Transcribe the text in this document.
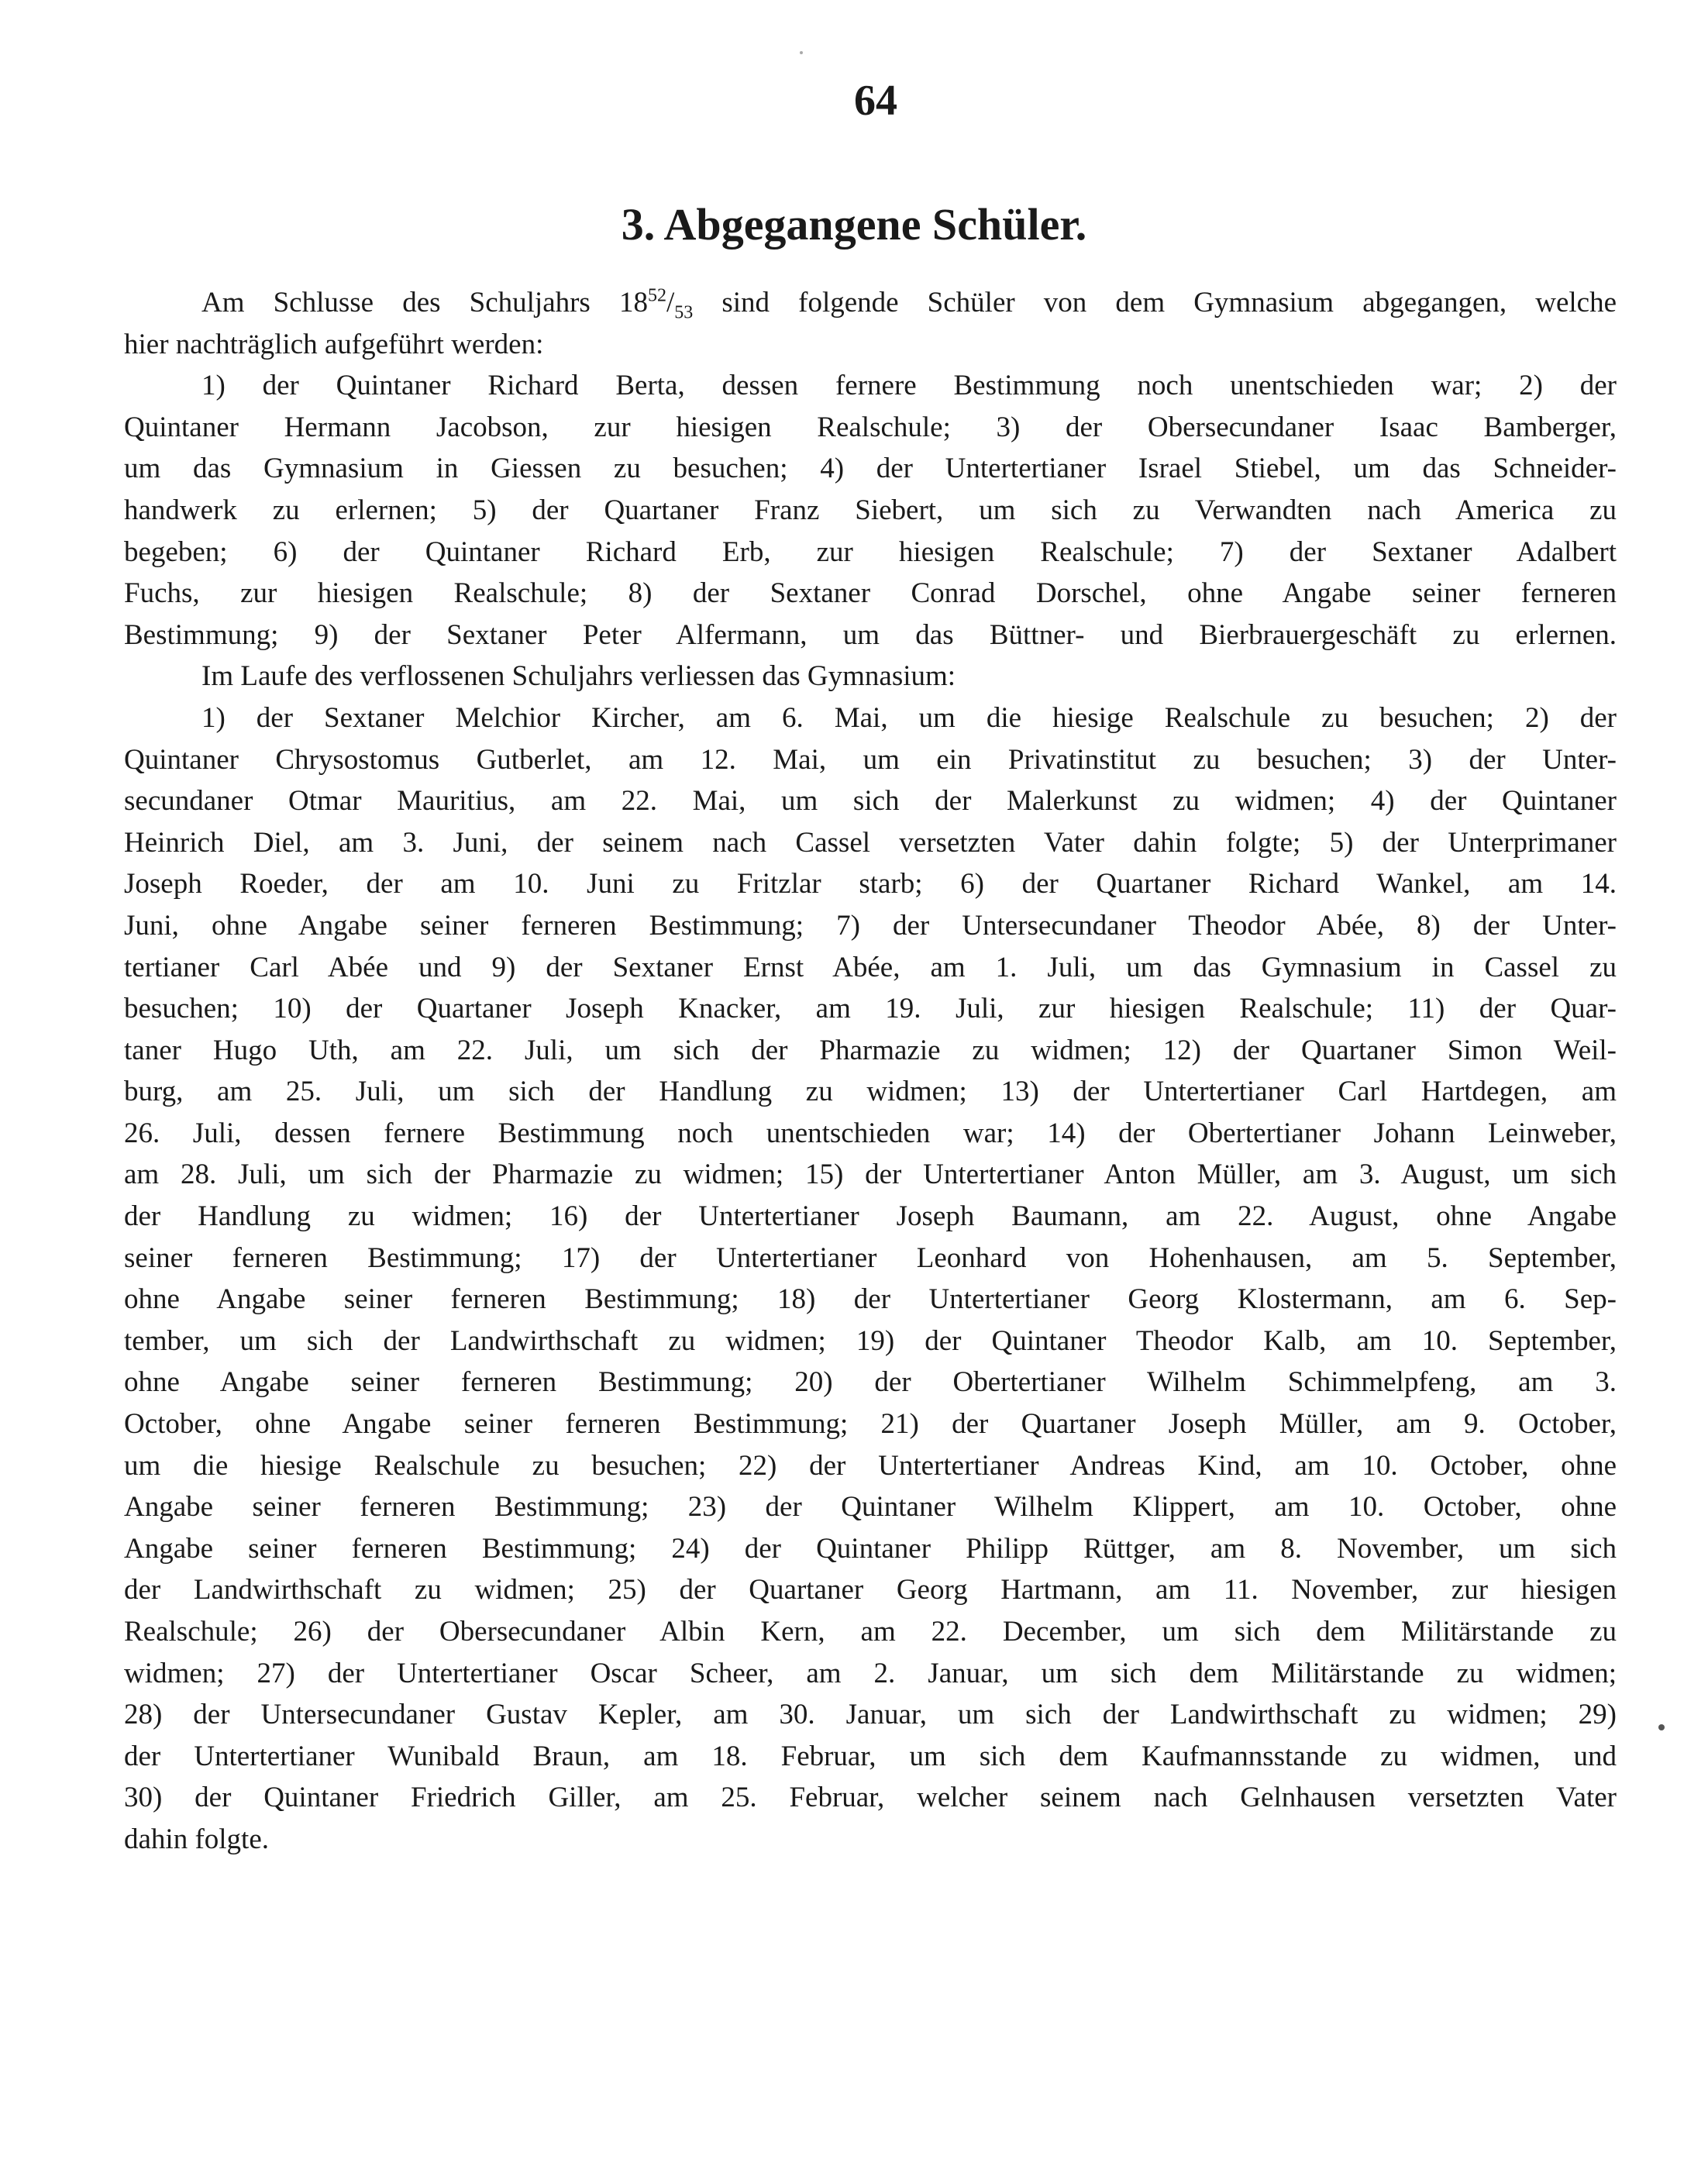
64
3. Abgegangene Schüler.
Am Schlusse des Schuljahrs $18^{52}/_{53}$ sind folgende Schüler von dem Gymnasium abgegangen, welche
hier nachträglich aufgeführt werden:
1) der Quintaner Richard Berta, dessen fernere Bestimmung noch unentschieden war; 2) der
Quintaner Hermann Jacobson, zur hiesigen Realschule; 3) der Obersecundaner Isaac Bamberger,
um das Gymnasium in Giessen zu besuchen; 4) der Untertertianer Israel Stiebel, um das Schneider-
handwerk zu erlernen; 5) der Quartaner Franz Siebert, um sich zu Verwandten nach America zu
begeben; 6) der Quintaner Richard Erb, zur hiesigen Realschule; 7) der Sextaner Adalbert
Fuchs, zur hiesigen Realschule; 8) der Sextaner Conrad Dorschel, ohne Angabe seiner ferneren
Bestimmung; 9) der Sextaner Peter Alfermann, um das Büttner- und Bierbrauergeschäft zu erlernen.
Im Laufe des verflossenen Schuljahrs verliessen das Gymnasium:
1) der Sextaner Melchior Kircher, am 6. Mai, um die hiesige Realschule zu besuchen; 2) der
Quintaner Chrysostomus Gutberlet, am 12. Mai, um ein Privatinstitut zu besuchen; 3) der Unter-
secundaner Otmar Mauritius, am 22. Mai, um sich der Malerkunst zu widmen; 4) der Quintaner
Heinrich Diel, am 3. Juni, der seinem nach Cassel versetzten Vater dahin folgte; 5) der Unterprimaner
Joseph Roeder, der am 10. Juni zu Fritzlar starb; 6) der Quartaner Richard Wankel, am 14.
Juni, ohne Angabe seiner ferneren Bestimmung; 7) der Untersecundaner Theodor Abée, 8) der Unter-
tertianer Carl Abée und 9) der Sextaner Ernst Abée, am 1. Juli, um das Gymnasium in Cassel zu
besuchen; 10) der Quartaner Joseph Knacker, am 19. Juli, zur hiesigen Realschule; 11) der Quar-
taner Hugo Uth, am 22. Juli, um sich der Pharmazie zu widmen; 12) der Quartaner Simon Weil-
burg, am 25. Juli, um sich der Handlung zu widmen; 13) der Untertertianer Carl Hartdegen, am
26. Juli, dessen fernere Bestimmung noch unentschieden war; 14) der Obertertianer Johann Leinweber,
am 28. Juli, um sich der Pharmazie zu widmen; 15) der Untertertianer Anton Müller, am 3. August, um sich
der Handlung zu widmen; 16) der Untertertianer Joseph Baumann, am 22. August, ohne Angabe
seiner ferneren Bestimmung; 17) der Untertertianer Leonhard von Hohenhausen, am 5. September,
ohne Angabe seiner ferneren Bestimmung; 18) der Untertertianer Georg Klostermann, am 6. Sep-
tember, um sich der Landwirthschaft zu widmen; 19) der Quintaner Theodor Kalb, am 10. September,
ohne Angabe seiner ferneren Bestimmung; 20) der Obertertianer Wilhelm Schimmelpfeng, am 3.
October, ohne Angabe seiner ferneren Bestimmung; 21) der Quartaner Joseph Müller, am 9. October,
um die hiesige Realschule zu besuchen; 22) der Untertertianer Andreas Kind, am 10. October, ohne
Angabe seiner ferneren Bestimmung; 23) der Quintaner Wilhelm Klippert, am 10. October, ohne
Angabe seiner ferneren Bestimmung; 24) der Quintaner Philipp Rüttger, am 8. November, um sich
der Landwirthschaft zu widmen; 25) der Quartaner Georg Hartmann, am 11. November, zur hiesigen
Realschule; 26) der Obersecundaner Albin Kern, am 22. December, um sich dem Militärstande zu
widmen; 27) der Untertertianer Oscar Scheer, am 2. Januar, um sich dem Militärstande zu widmen;
28) der Untersecundaner Gustav Kepler, am 30. Januar, um sich der Landwirthschaft zu widmen; 29)
der Untertertianer Wunibald Braun, am 18. Februar, um sich dem Kaufmannsstande zu widmen, und
30) der Quintaner Friedrich Giller, am 25. Februar, welcher seinem nach Gelnhausen versetzten Vater
dahin folgte.
